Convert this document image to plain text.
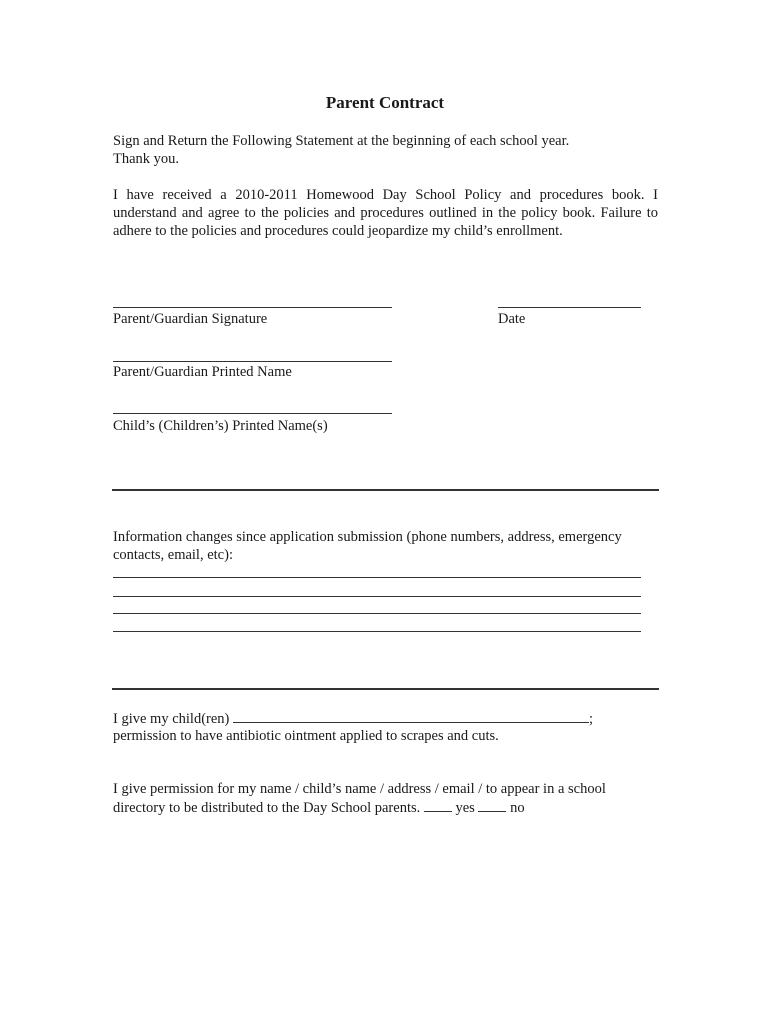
Parent Contract
Sign and Return the Following Statement at the beginning of each school year.
Thank you.
I have received a 2010-2011 Homewood Day School Policy and procedures book. I understand and agree to the policies and procedures outlined in the policy book. Failure to adhere to the policies and procedures could jeopardize my child’s enrollment.
Parent/Guardian Signature	Date
Parent/Guardian Printed Name
Child’s (Children’s) Printed Name(s)
Information changes since application submission (phone numbers, address, emergency contacts, email, etc):
I give my child(ren)	;
permission to have antibiotic ointment applied to scrapes and cuts.
I give permission for my name / child’s name / address / email / to appear in a school
directory to be distributed to the Day School parents. yes no
